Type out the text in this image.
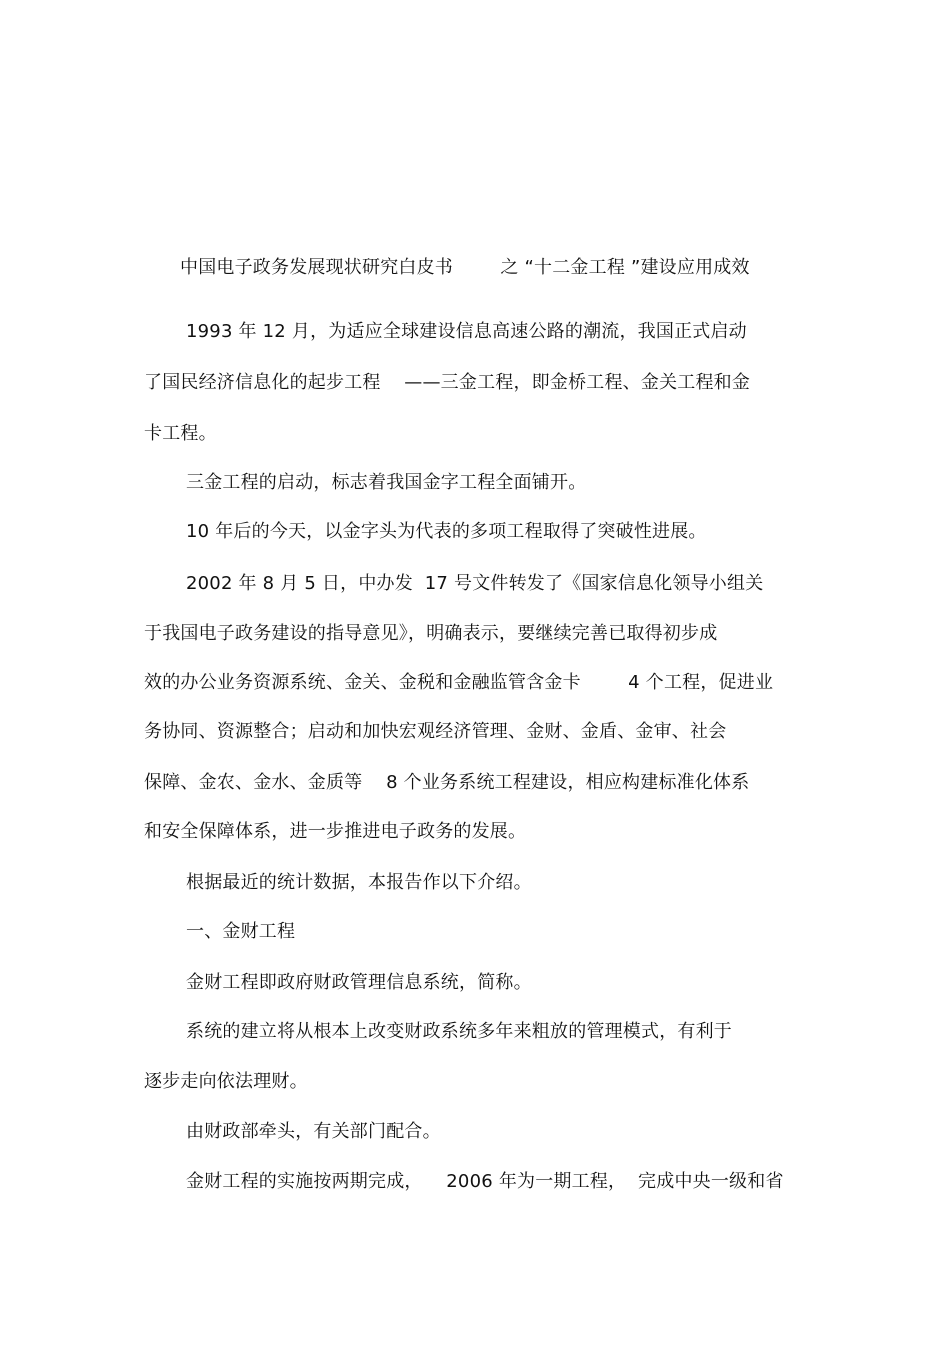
中国电子政务发展现状研究白皮书        之 “十二金工程 ”建设应用成效
1993 年 12 月，为适应全球建设信息高速公路的潮流，我国正式启动
了国民经济信息化的起步工程    ——三金工程，即金桥工程、金关工程和金
卡工程。
三金工程的启动，标志着我国金字工程全面铺开。
10 年后的今天，以金字头为代表的多项工程取得了突破性进展。
2002 年 8 月 5 日，中办发  17 号文件转发了《国家信息化领导小组关
于我国电子政务建设的指导意见》，明确表示，要继续完善已取得初步成
效的办公业务资源系统、金关、金税和金融监管含金卡        4 个工程，促进业
务协同、资源整合；启动和加快宏观经济管理、金财、金盾、金审、社会
保障、金农、金水、金质等    8 个业务系统工程建设，相应构建标准化体系
和安全保障体系，进一步推进电子政务的发展。
根据最近的统计数据，本报告作以下介绍。
一、金财工程
金财工程即政府财政管理信息系统，简称。
系统的建立将从根本上改变财政系统多年来粗放的管理模式，有利于
逐步走向依法理财。
由财政部牵头，有关部门配合。
金财工程的实施按两期完成，    2006 年为一期工程，  完成中央一级和省
